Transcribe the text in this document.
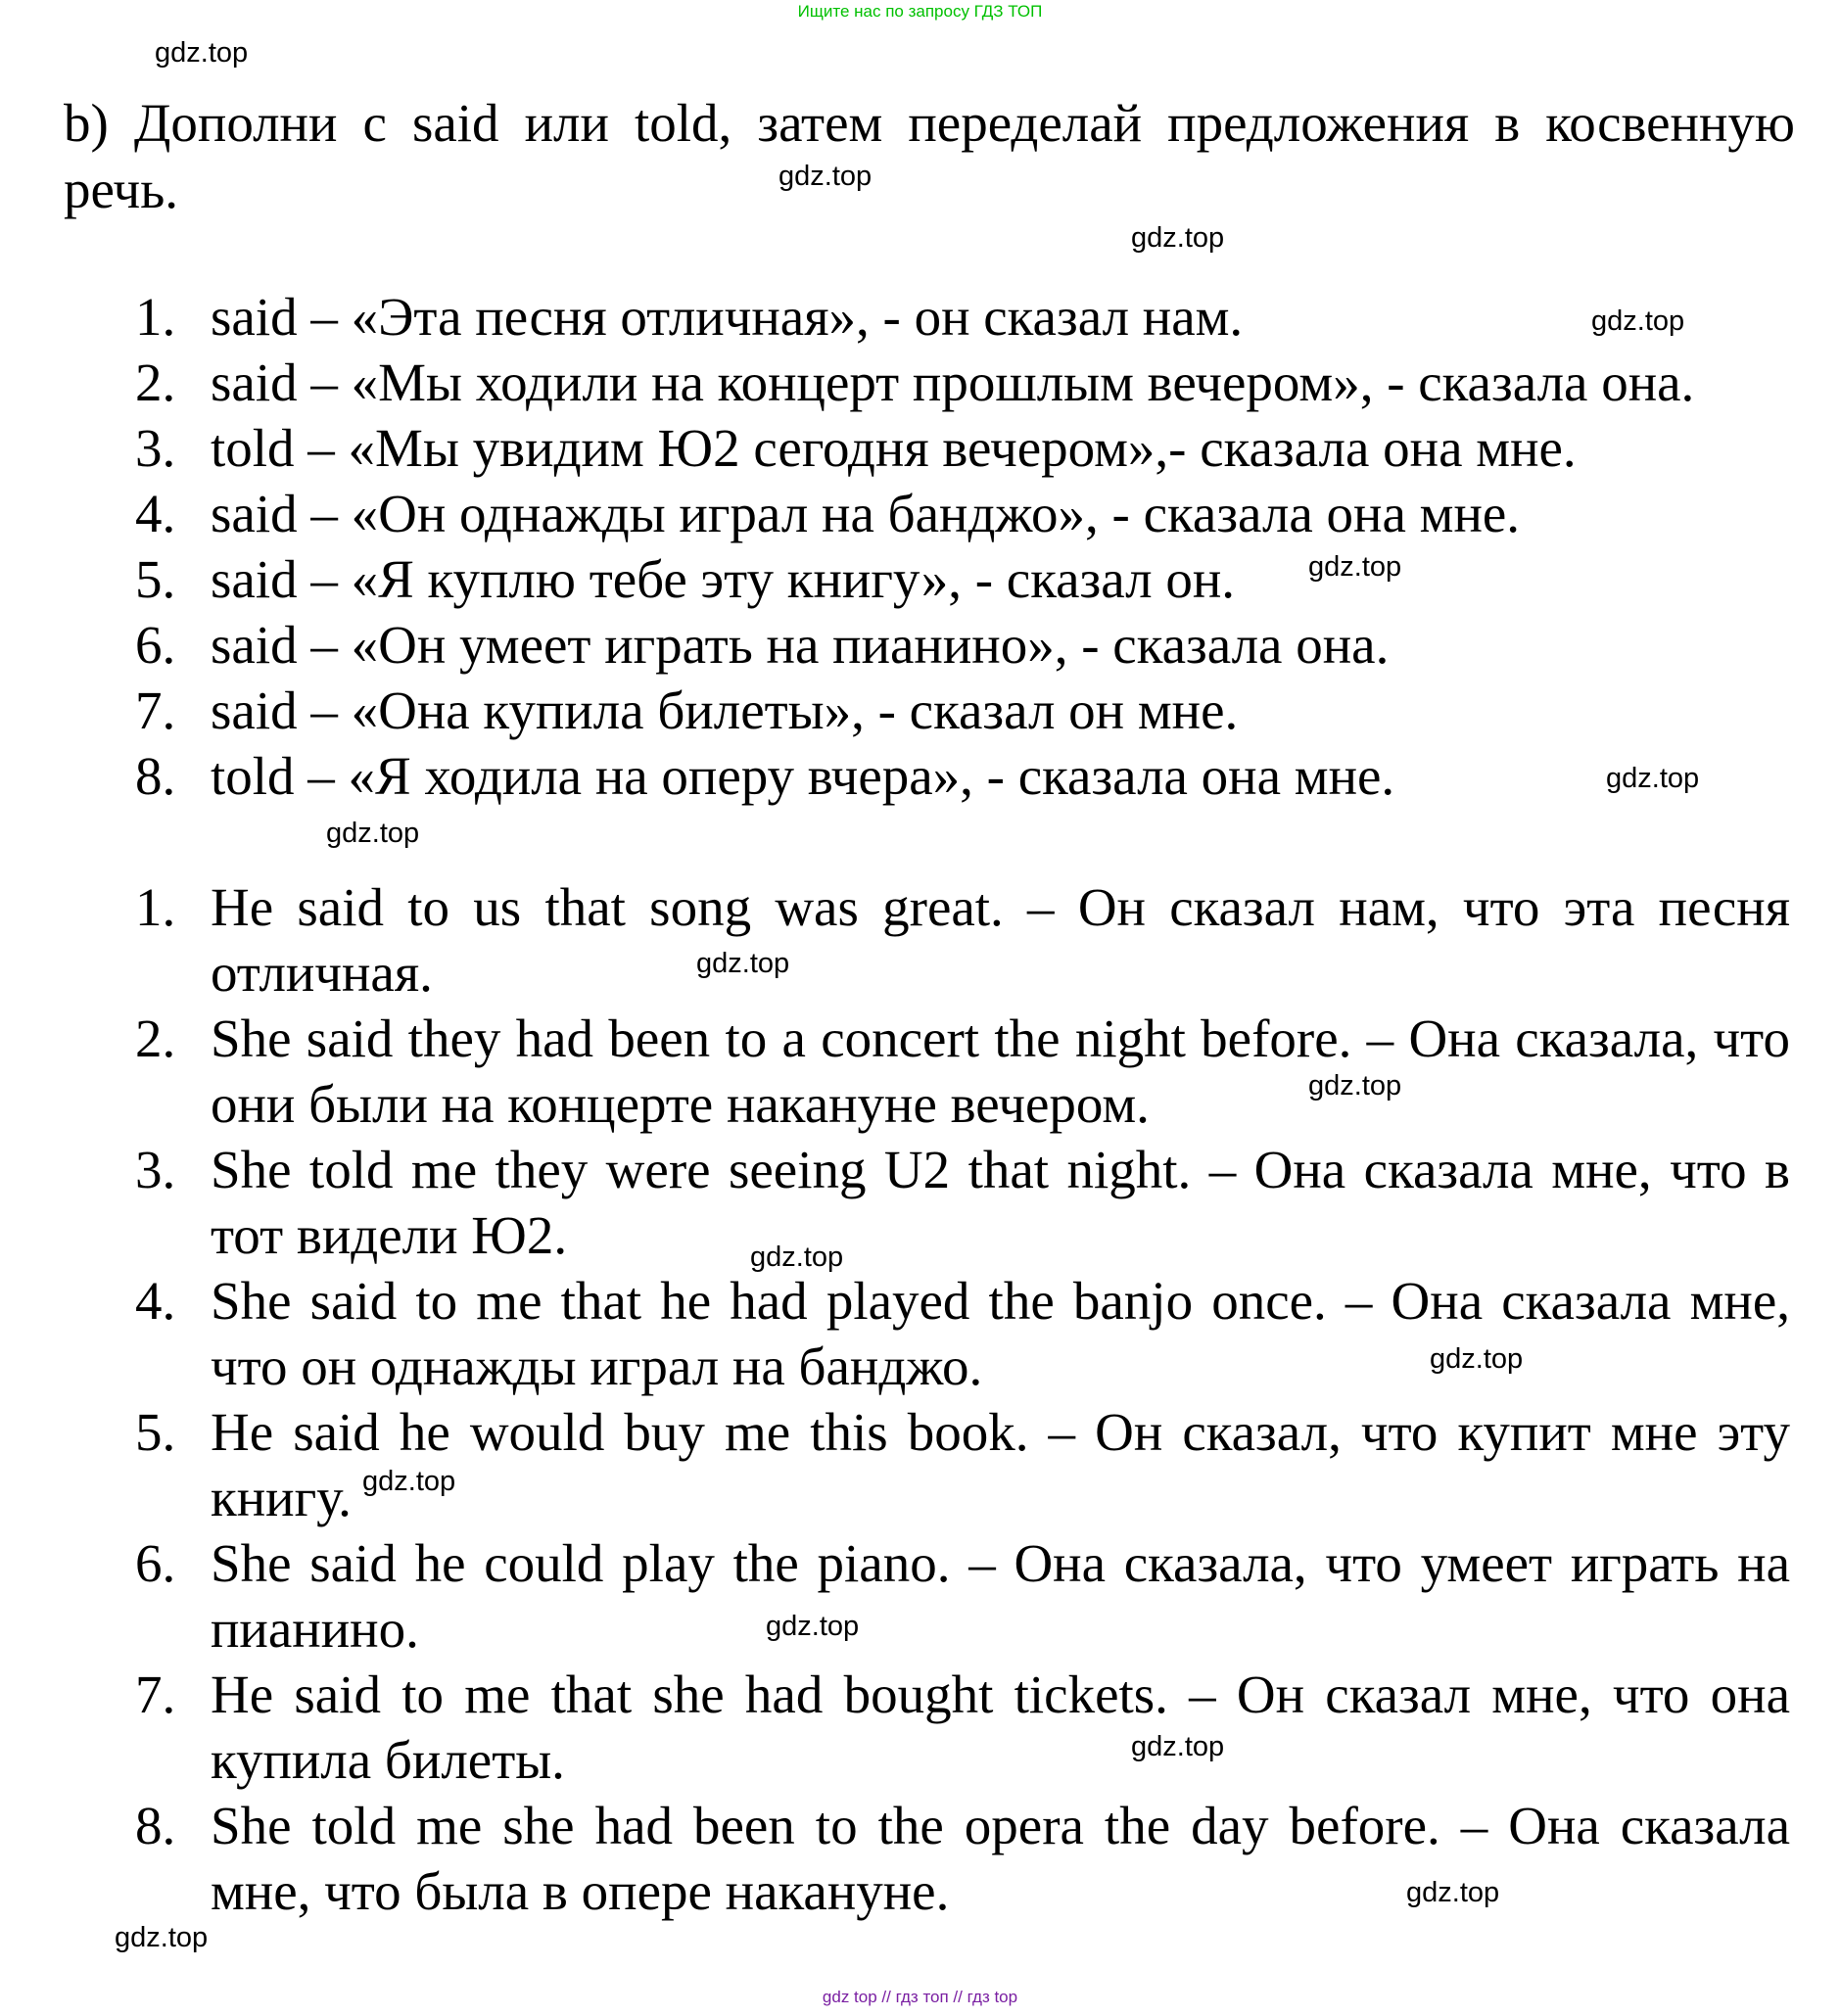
Ищите нас по запросу ГДЗ ТОП
b) Дополни с said или told, затем переделай предложения в косвенную речь.
1. said – «Эта песня отличная», - он сказал нам.
2. said – «Мы ходили на концерт прошлым вечером», - сказала она.
3. told – «Мы увидим Ю2 сегодня вечером»,- сказала она мне.
4. said – «Он однажды играл на банджо», - сказала она мне.
5. said – «Я куплю тебе эту книгу», - сказал он.
6. said – «Он умеет играть на пианино», - сказала она.
7. said – «Она купила билеты», - сказал он мне.
8. told – «Я ходила на оперу вчера», - сказала она мне.
1. He said to us that song was great. – Он сказал нам, что эта песня отличная.
2. She said they had been to a concert the night before. – Она сказала, что они были на концерте накануне вечером.
3. She told me they were seeing U2 that night. – Она сказала мне, что в тот видели Ю2.
4. She said to me that he had played the banjo once. – Она сказала мне, что он однажды играл на банджо.
5. He said he would buy me this book. – Он сказал, что купит мне эту книгу.
6. She said he could play the piano. – Она сказала, что умеет играть на пианино.
7. He said to me that she had bought tickets. – Он сказал мне, что она купила билеты.
8. She told me she had been to the opera the day before. – Она сказала мне, что была в опере накануне.
gdz.top
gdz.top
gdz.top
gdz.top
gdz.top
gdz.top
gdz.top
gdz.top
gdz.top
gdz.top
gdz.top
gdz.top
gdz.top
gdz.top
gdz.top
gdz.top
gdz top // гдз топ // гдз top
